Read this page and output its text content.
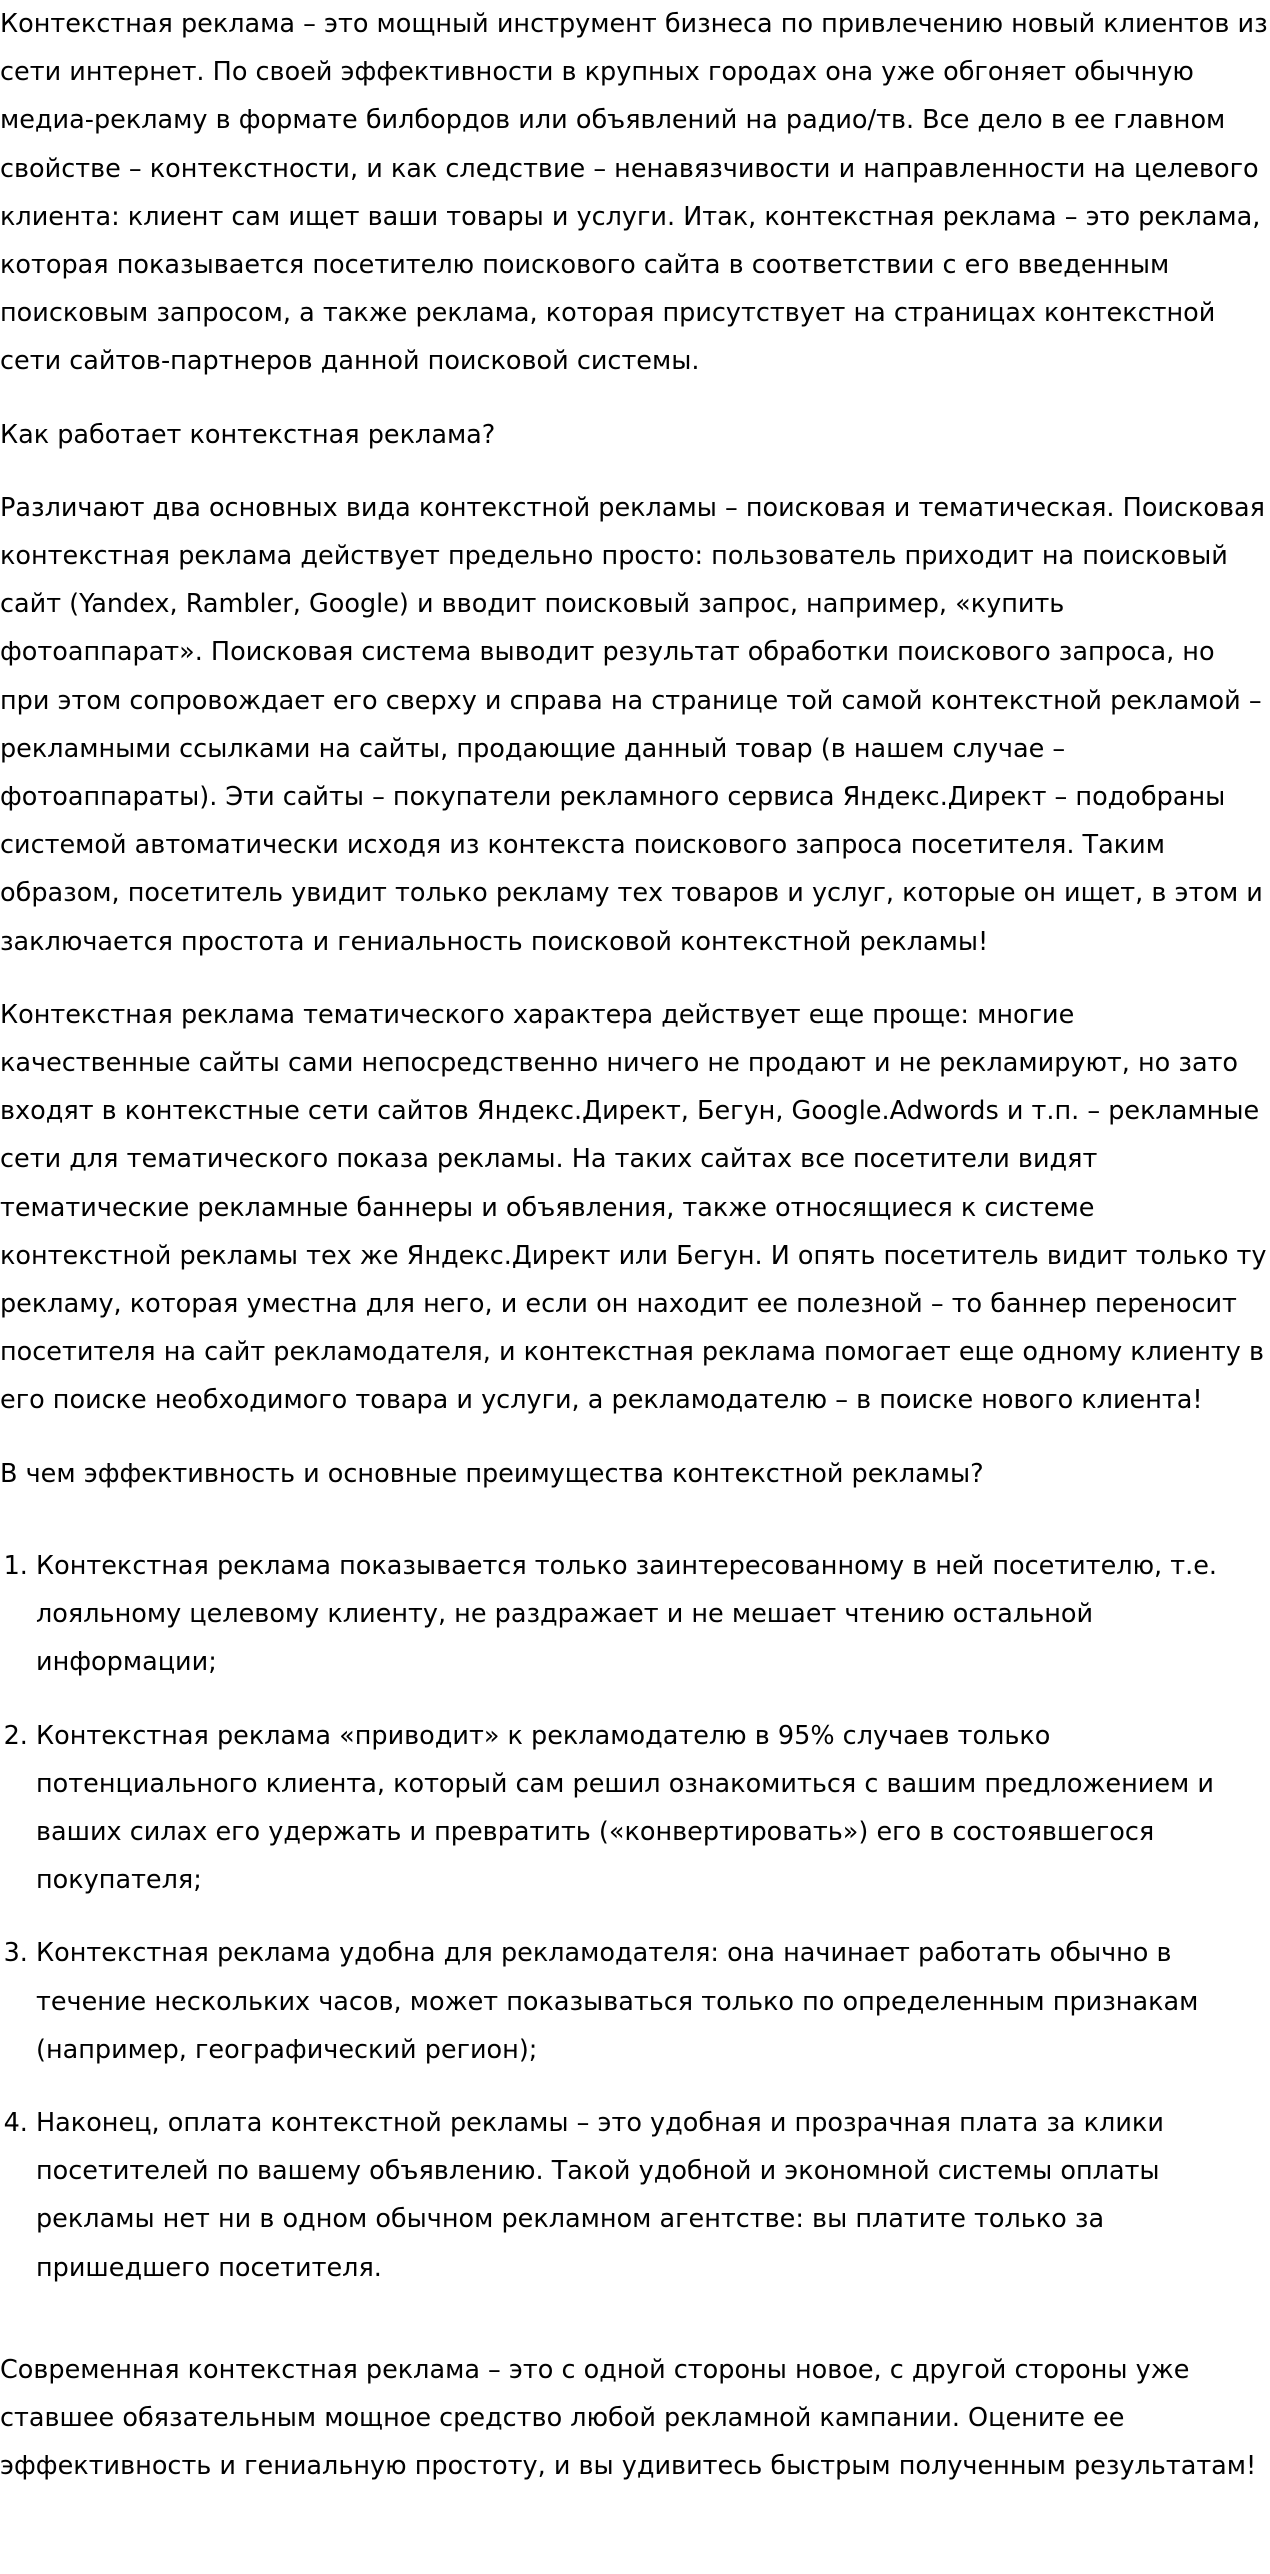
Контекстная реклама – это мощный инструмент бизнеса по привлечению новый клиентов из сети интернет. По своей эффективности в крупных городах она уже обгоняет обычную медиа-рекламу в формате билбордов или объявлений на радио/тв. Все дело в ее главном свойстве – контекстности, и как следствие – ненавязчивости и направленности на целевого клиента: клиент сам ищет ваши товары и услуги. Итак, контекстная реклама – это реклама, которая показывается посетителю поискового сайта в соответствии с его введенным поисковым запросом, а также реклама, которая присутствует на страницах контекстной сети сайтов-партнеров данной поисковой системы.

Как работает контекстная реклама?

Различают два основных вида контекстной рекламы – поисковая и тематическая. Поисковая контекстная реклама действует предельно просто: пользователь приходит на поисковый сайт (Yandex, Rambler, Google) и вводит поисковый запрос, например, «купить фотоаппарат». Поисковая система выводит результат обработки поискового запроса, но при этом сопровождает его сверху и справа на странице той самой контекстной рекламой – рекламными ссылками на сайты, продающие данный товар (в нашем случае – фотоаппараты). Эти сайты – покупатели рекламного сервиса Яндекс.Директ – подобраны системой автоматически исходя из контекста поискового запроса посетителя. Таким образом, посетитель увидит только рекламу тех товаров и услуг, которые он ищет, в этом и заключается простота и гениальность поисковой контекстной рекламы!

Контекстная реклама тематического характера действует еще проще: многие качественные сайты сами непосредственно ничего не продают и не рекламируют, но зато входят в контекстные сети сайтов Яндекс.Директ, Бегун, Google.Adwords и т.п. – рекламные сети для тематического показа рекламы. На таких сайтах все посетители видят тематические рекламные баннеры и объявления, также относящиеся к системе контекстной рекламы тех же Яндекс.Директ или Бегун. И опять посетитель видит только ту рекламу, которая уместна для него, и если он находит ее полезной – то баннер переносит посетителя на сайт рекламодателя, и контекстная реклама помогает еще одному клиенту в его поиске необходимого товара и услуги, а рекламодателю – в поиске нового клиента!

В чем эффективность и основные преимущества контекстной рекламы?

1. Контекстная реклама показывается только заинтересованному в ней посетителю, т.е. лояльному целевому клиенту, не раздражает и не мешает чтению остальной информации;
2. Контекстная реклама «приводит» к рекламодателю в 95% случаев только потенциального клиента, который сам решил ознакомиться с вашим предложением и ваших силах его удержать и превратить («конвертировать») его в состоявшегося покупателя;
3. Контекстная реклама удобна для рекламодателя: она начинает работать обычно в течение нескольких часов, может показываться только по определенным признакам (например, географический регион);
4. Наконец, оплата контекстной рекламы – это удобная и прозрачная плата за клики посетителей по вашему объявлению. Такой удобной и экономной системы оплаты рекламы нет ни в одном обычном рекламном агентстве: вы платите только за пришедшего посетителя.

Современная контекстная реклама – это с одной стороны новое, с другой стороны уже ставшее обязательным мощное средство любой рекламной кампании. Оцените ее эффективность и гениальную простоту, и вы удивитесь быстрым полученным результатам!
